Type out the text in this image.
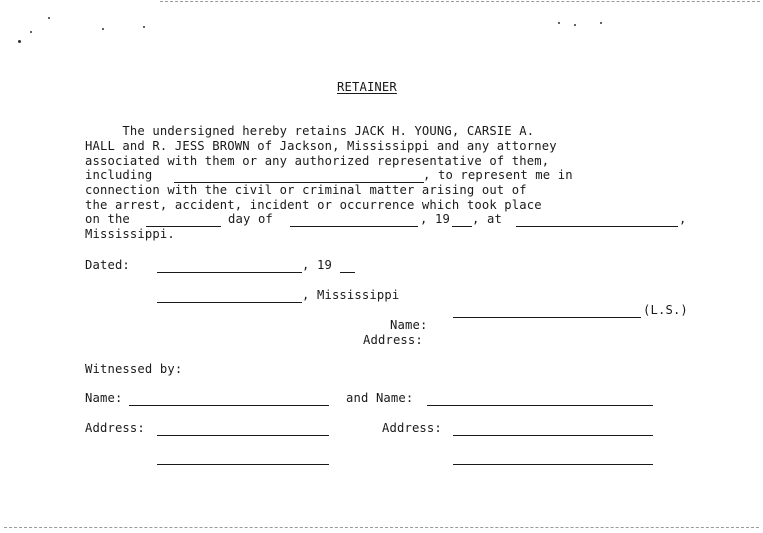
RETAINER
The undersigned hereby retains JACK H. YOUNG, CARSIE A.
HALL and R. JESS BROWN of Jackson, Mississippi and any attorney
associated with them or any authorized representative of them,
including	, to represent me in
connection with the civil or criminal matter arising out of
the arrest, accident, incident or occurrence which took place
on the	day of	, 19 , at	,
Mississippi.
Dated:	, 19
, Mississippi
(L.S.)
Name:
Address:
Witnessed by:
Name:	and Name:
Address:	Address:
